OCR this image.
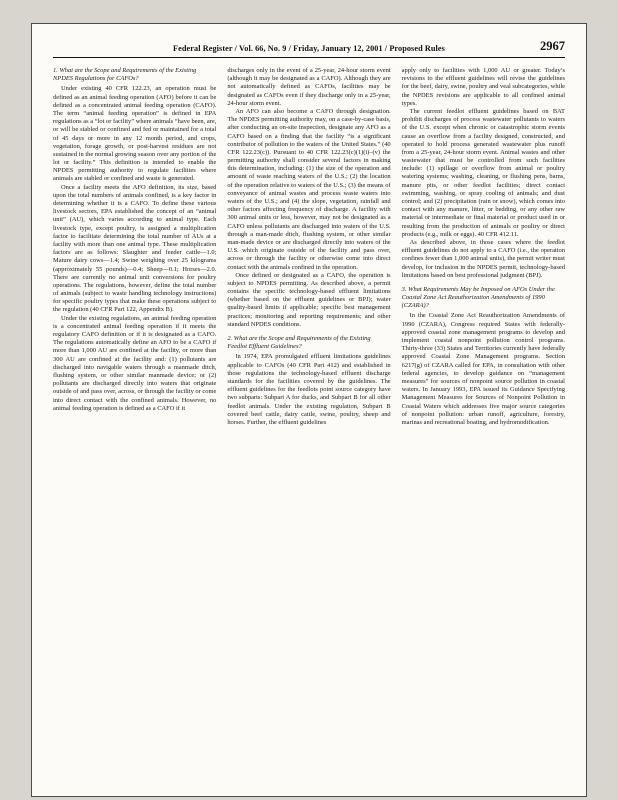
Federal Register / Vol. 66, No. 9 / Friday, January 12, 2001 / Proposed Rules	2967
1. What are the Scope and Requirements of the Existing NPDES Regulations for CAFOs?

Under existing 40 CFR 122.23, an operation must be defined as an animal feeding operation (AFO) before it can be defined as a concentrated animal feeding operation (CAFO). The term “animal feeding operation” is defined in EPA regulations as a “lot or facility” where animals “have been, are, or will be stabled or confined and fed or maintained for a total of 45 days or more in any 12 month period, and crops, vegetation, forage growth, or post-harvest residues are not sustained in the normal growing season over any portion of the lot or facility.” This definition is intended to enable the NPDES permitting authority to regulate facilities where animals are stabled or confined and waste is generated.

Once a facility meets the AFO definition, its size, based upon the total numbers of animals confined, is a key factor in determining whether it is a CAFO. To define these various livestock sectors, EPA established the concept of an “animal unit” (AU), which varies according to animal type. Each livestock type, except poultry, is assigned a multiplication factor to facilitate determining the total number of AUs at a facility with more than one animal type. These multiplication factors are as follows: Slaughter and feeder cattle—1.0; Mature dairy cows—1.4; Swine weighing over 25 kilograms (approximately 55 pounds)—0.4; Sheep—0.1; Horses—2.0. There are currently no animal unit conversions for poultry operations. The regulations, however, define the total number of animals (subject to waste handling technology instructions) for specific poultry types that make these operations subject to the regulation (40 CFR Part 122, Appendix B).

Under the existing regulations, an animal feeding operation is a concentrated animal feeding operation if it meets the regulatory CAFO definition or if it is designated as a CAFO. The regulations automatically define an AFO to be a CAFO if more than 1,000 AU are confined at the facility, or more than 300 AU are confined at the facility and: (1) pollutants are discharged into navigable waters through a manmade ditch, flushing system, or other similar manmade device; or (2) pollutants are discharged directly into waters that originate outside of and pass over, across, or through the facility or come into direct contact with the confined animals. However, no animal feeding operation is defined as a CAFO if it

discharges only in the event of a 25-year, 24-hour storm event (although it may be designated as a CAFO). Although they are not automatically defined as CAFOs, facilities may be designated as CAFOs even if they discharge only in a 25-year, 24-hour storm event.

An AFO can also become a CAFO through designation. The NPDES permitting authority may, on a case-by-case basis, after conducting an on-site inspection, designate any AFO as a CAFO based on a finding that the facility “is a significant contributor of pollution to the waters of the United States.” (40 CFR 122.23(c)). Pursuant to 40 CFR 122.23(c)(1)(i)–(v) the permitting authority shall consider several factors in making this determination, including: (1) the size of the operation and amount of waste reaching waters of the U.S.; (2) the location of the operation relative to waters of the U.S.; (3) the means of conveyance of animal wastes and process waste waters into waters of the U.S.; and (4) the slope, vegetation, rainfall and other factors affecting frequency of discharge. A facility with 300 animal units or less, however, may not be designated as a CAFO unless pollutants are discharged into waters of the U.S. through a man-made ditch, flushing system, or other similar man-made device or are discharged directly into waters of the U.S. which originate outside of the facility and pass over, across or through the facility or otherwise come into direct contact with the animals confined in the operation.

Once defined or designated as a CAFO, the operation is subject to NPDES permitting. As described above, a permit contains the specific technology-based effluent limitations (whether based on the effluent guidelines or BPJ); water quality-based limits if applicable; specific best management practices; monitoring and reporting requirements; and other standard NPDES conditions.

2. What are the Scope and Requirements of the Existing Feedlot Effluent Guidelines?

In 1974, EPA promulgated effluent limitations guidelines applicable to CAFOs (40 CFR Part 412) and established in those regulations the technology-based effluent discharge standards for the facilities covered by the guidelines. The effluent guidelines for the feedlots point source category have two subparts: Subpart A for ducks, and Subpart B for all other feedlot animals. Under the existing regulation, Subpart B covered beef cattle, dairy cattle, swine, poultry, sheep and horses. Further, the effluent guidelines

apply only to facilities with 1,000 AU or greater. Today’s revisions to the effluent guidelines will revise the guidelines for the beef, dairy, swine, poultry and veal subcategories, while the NPDES revisions are applicable to all confined animal types.

The current feedlot effluent guidelines based on BAT prohibit discharges of process wastewater pollutants to waters of the U.S. except when chronic or catastrophic storm events cause an overflow from a facility designed, constructed, and operated to hold process generated wastewater plus runoff from a 25-year, 24-hour storm event. Animal wastes and other wastewater that must be controlled from such facilities include: (1) spillage or overflow from animal or poultry watering systems; washing, cleaning, or flushing pens, barns, manure pits, or other feedlot facilities; direct contact swimming, washing, or spray cooling of animals; and dust control; and (2) precipitation (rain or snow), which comes into contact with any manure, litter, or bedding, or any other raw material or intermediate or final material or product used in or resulting from the production of animals or poultry or direct products (e.g., milk or eggs). 40 CFR 412.11.

As described above, in those cases where the feedlot effluent guidelines do not apply to a CAFO (i.e., the operation confines fewer than 1,000 animal units), the permit writer must develop, for inclusion in the NPDES permit, technology-based limitations based on best professional judgment (BPJ).

3. What Requirements May be Imposed on AFOs Under the Coastal Zone Act Reauthorization Amendments of 1990 (CZARA)?

In the Coastal Zone Act Reauthorization Amendments of 1990 (CZARA), Congress required States with federally-approved coastal zone management programs to develop and implement coastal nonpoint pollution control programs. Thirty-three (33) States and Territories currently have federally approved Coastal Zone Management programs. Section 6217(g) of CZARA called for EPA, in consultation with other federal agencies, to develop guidance on “management measures” for sources of nonpoint source pollution in coastal waters. In January 1993, EPA issued its Guidance Specifying Management Measures for Sources of Nonpoint Pollution in Coastal Waters which addresses five major source categories of nonpoint pollution: urban runoff, agriculture, forestry, marinas and recreational boating, and hydromodification.
